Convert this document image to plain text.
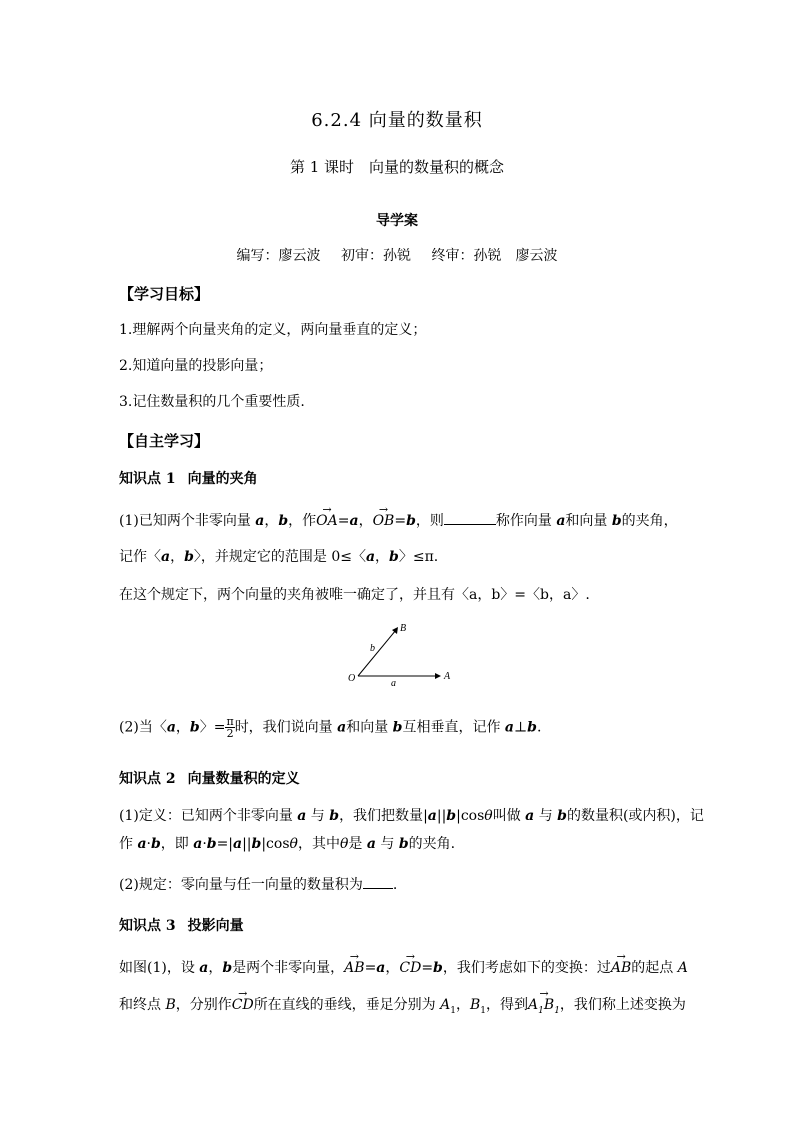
6.2.4 向量的数量积
第 1 课时　向量的数量积的概念
导学案
编写：廖云波 初审：孙锐 终审：孙锐　廖云波
【学习目标】
1.理解两个向量夹角的定义，两向量垂直的定义；
2.知道向量的投影向量；
3.记住数量积的几个重要性质.
【自主学习】
知识点 1 向量的夹角
(1)已知两个非零向量 a，b，作→ OA=a，→ OB=b，则	称作向量 a和向量 b的夹角，
记作〈a，b〉，并规定它的范围是 0≤〈a，b〉≤π.
在这个规定下，两个向量的夹角被唯一确定了，并且有〈a，b〉=〈b，a〉.
O	A
B
a
b
(2)当〈a，b〉= $\frac{\pi}{2}$ 时，我们说向量 a和向量 b互相垂直，记作 a⊥b.
知识点 2 向量数量积的定义
(1)定义：已知两个非零向量 a 与 b，我们把数量|a||b|cosθ叫做 a 与 b的数量积(或内积)，记
作 a·b，即 a·b=|a||b|cosθ，其中θ是 a 与 b的夹角.
(2)规定：零向量与任一向量的数量积为 .
知识点 3 投影向量
如图(1)，设 a，b是两个非零向量，→ AB=a，→ CD=b，我们考虑如下的变换：过→ AB的起点 A
和终点 B，分别作→ CD所在直线的垂线，垂足分别为 $A_1$，$B_1$，得到→ $A_1B_1$，我们称上述变换为
